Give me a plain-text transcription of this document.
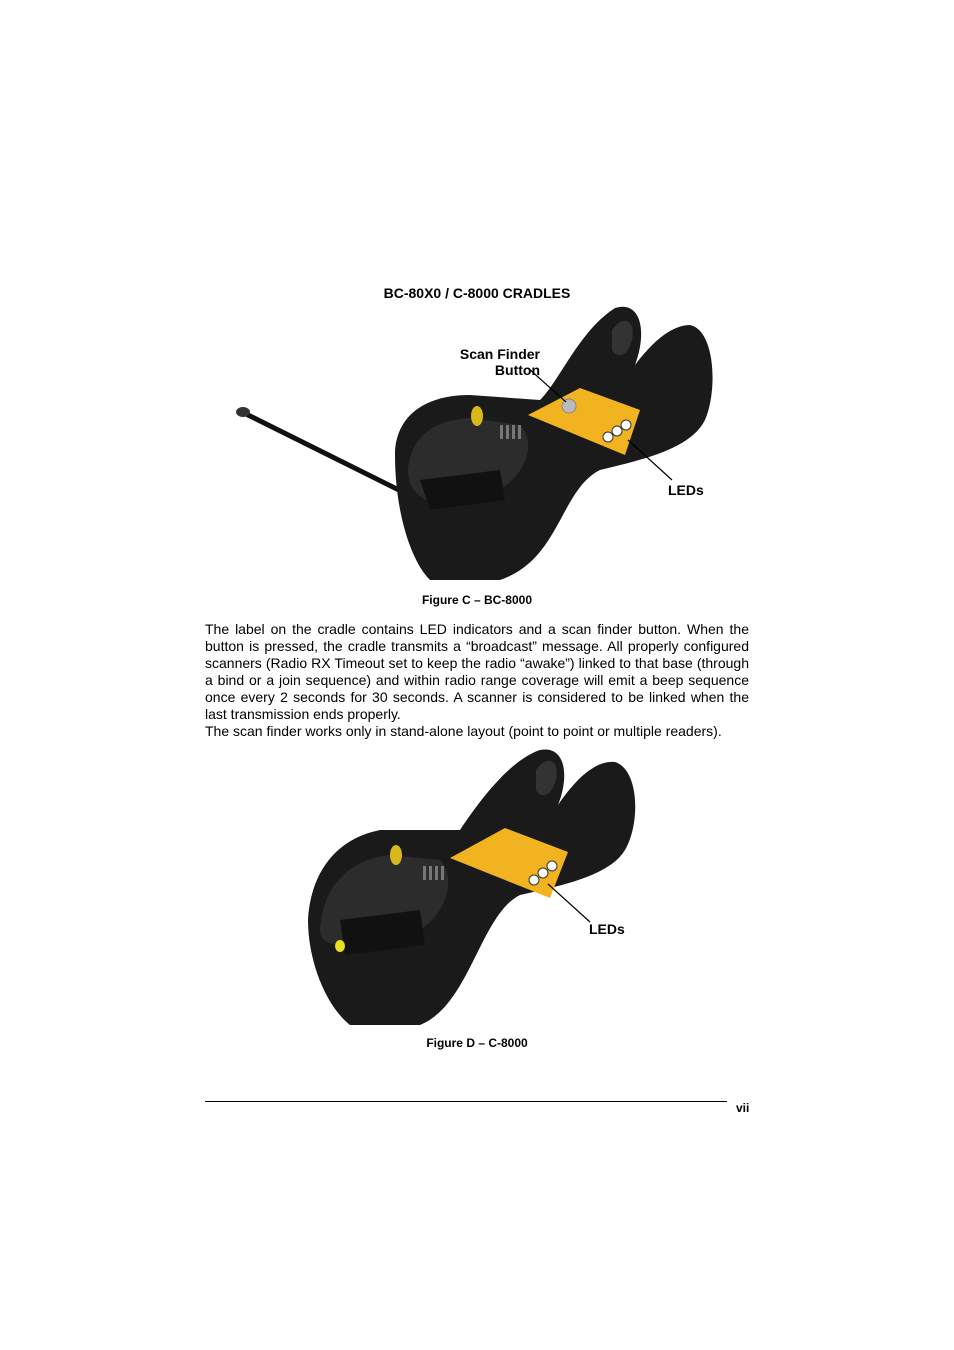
BC-80X0 / C-8000 CRADLES
Scan Finder
Button
LEDs
Figure C – BC-8000

The label on the cradle contains LED indicators and a scan finder button. When the button is pressed, the cradle transmits a “broadcast” message. All properly configured scanners (Radio RX Timeout set to keep the radio “awake”) linked to that base (through a bind or a join sequence) and within radio range coverage will emit a beep sequence once every 2 seconds for 30 seconds. A scanner is considered to be linked when the last transmission ends properly.

The scan finder works only in stand-alone layout (point to point or multiple readers).

LEDs
Figure D – C-8000
vii
